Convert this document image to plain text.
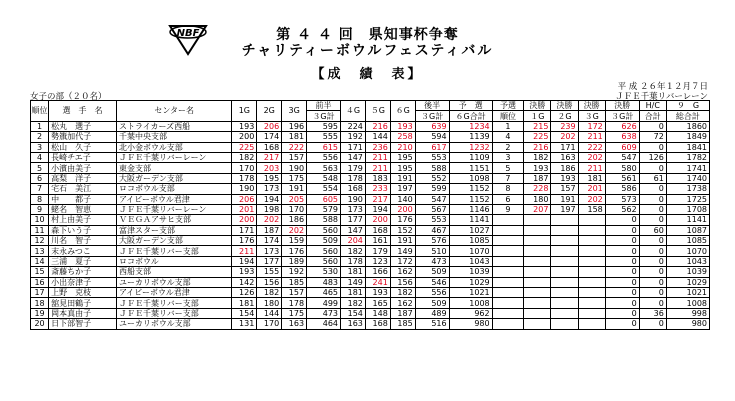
NBF	第 ４ ４ 回　県知事杯争奪
チャリティーボウルフェスティバル
【成　績　表】
平 成 ２６年１２月７日
女子の部（２０名）	ＪＦＥ千葉リバーレーン
順位	選　手　名	センター名	1G	2G	3G	前半	４G	５G	６G	後半	予　選	予選	決勝	決勝	決勝	決勝	H/C	９　G
						３G計				３G計	６G合計	順位	１G	２G	３G	３G計	合計	総合計
1	松丸　選子	ストライカーズ西船	193	206	196	595	224	216	193	639	1234	1	215	239	172	626	0	1860
2	勢籏加代子	千葉中央支部	200	174	181	555	192	144	258	594	1139	4	225	202	211	638	72	1849
3	松山　久子	北小金ボウル支部	225	168	222	615	171	236	210	617	1232	2	216	171	222	609	0	1841
4	長崎チエ子	ＪＦＥ千葉リバーレーン	182	217	157	556	147	211	195	553	1109	3	182	163	202	547	126	1782
5	小濱由美子	東金支部	170	203	190	563	179	211	195	588	1151	5	193	186	211	580	0	1741
6	高梨　洋子	大阪ガーデン支部	178	195	175	548	178	183	191	552	1098	7	187	193	181	561	61	1740
7	宅石　美江	ロコボウル支部	190	173	191	554	168	233	197	599	1152	8	228	157	201	586	0	1738
8	中　　都子	アイビーボウル君津	206	194	205	605	190	217	140	547	1152	6	180	191	202	573	0	1725
9	蛯名　智恵	ＪＦＥ千葉リバーレーン	201	198	170	579	173	194	200	567	1146	9	207	197	158	562	0	1708
10	村上由美子	ＶＥＧＡアサヒ支部	200	202	186	588	177	200	176	553	1141					0	0	1141
11	森下いう子	富津スター支部	171	187	202	560	147	168	152	467	1027					0	60	1087
12	川名　智子	大阪ガーデン支部	176	174	159	509	204	161	191	576	1085					0	0	1085
13	末永みつこ	ＪＦＥ千葉リバー支部	211	173	176	560	182	179	149	510	1070					0	0	1070
14	三浦　夏子	ロコボウル	194	177	189	560	178	123	172	473	1043					0	0	1043
15	斎藤ちか子	西船支部	193	155	192	530	181	166	162	509	1039					0	0	1039
16	小出奈津子	ユーカリボウル支部	142	156	185	483	149	241	156	546	1029					0	0	1029
17	上野　克枝	アイビーボウル君津	126	182	157	465	181	193	182	556	1021					0	0	1021
18	舘見田鶴子	ＪＦＥ千葉リバー支部	181	180	178	499	182	165	162	509	1008					0	0	1008
19	岡本真由子	ＪＦＥ千葉リバー支部	154	144	175	473	154	148	187	489	962					0	36	998
20	日下部智子	ユーカリボウル支部	131	170	163	464	163	168	185	516	980					0	0	980
